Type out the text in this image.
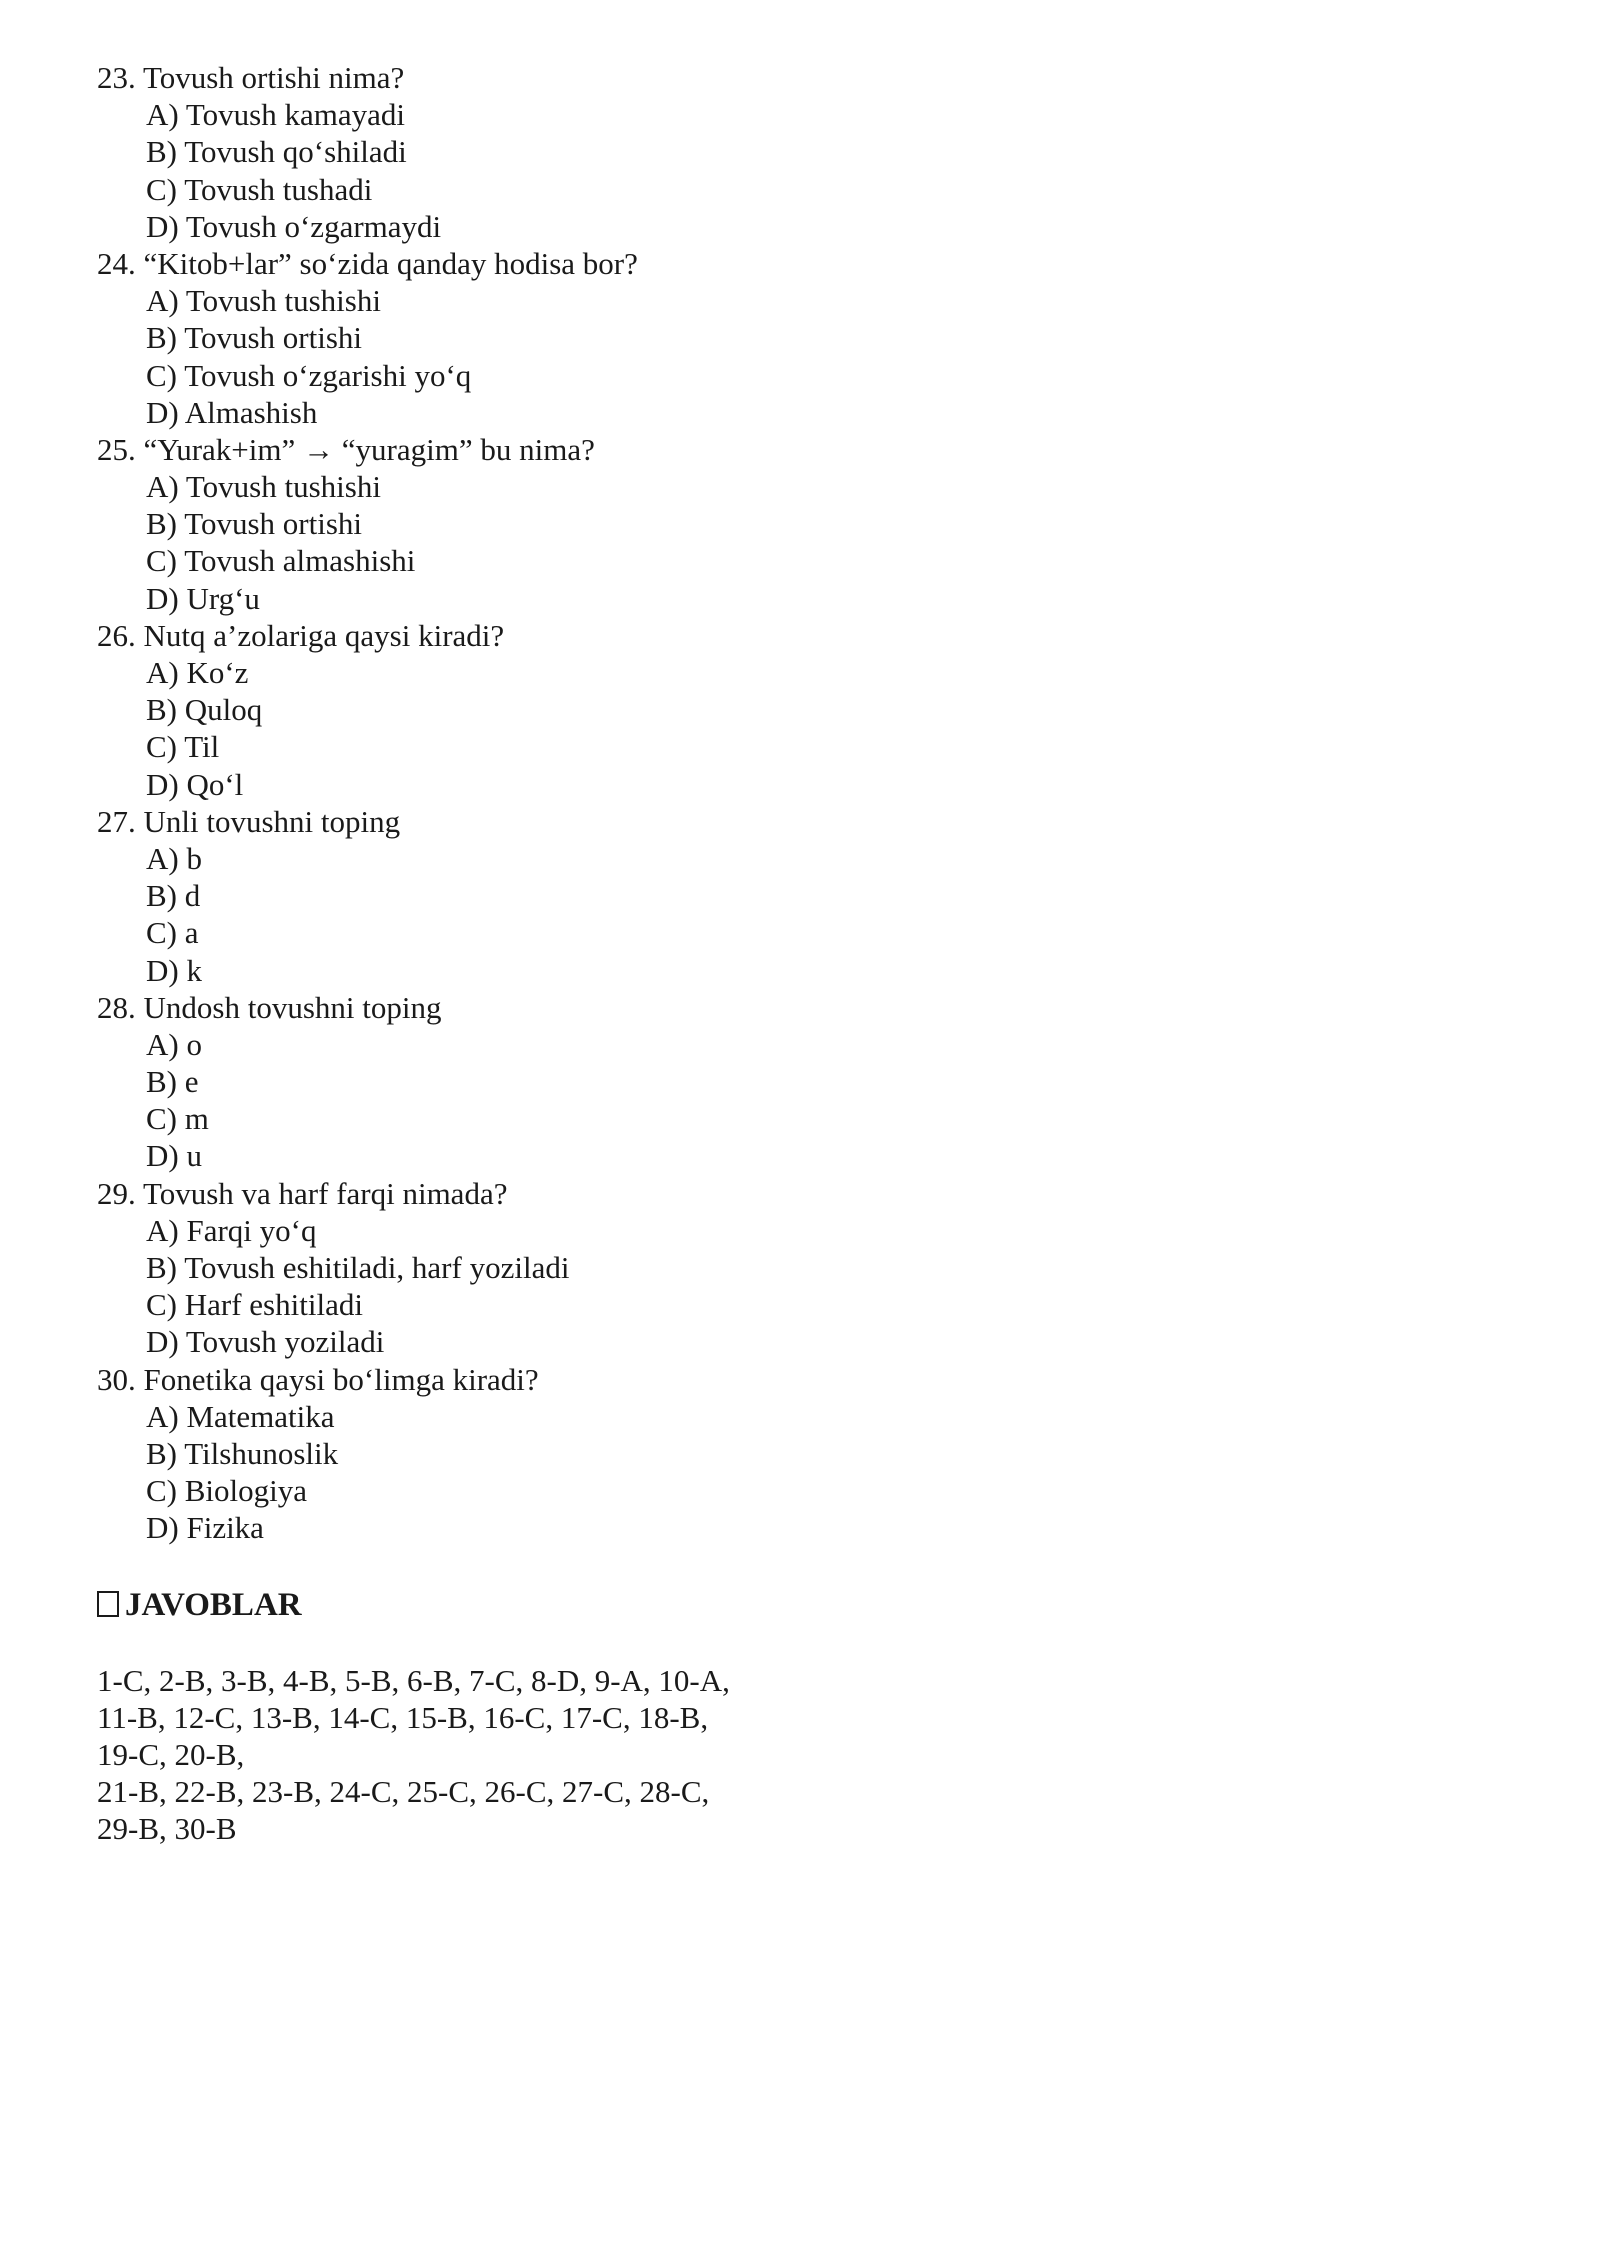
23. Tovush ortishi nima?
A) Tovush kamayadi
B) Tovush qo‘shiladi
C) Tovush tushadi
D) Tovush o‘zgarmaydi
24. “Kitob+lar” so‘zida qanday hodisa bor?
A) Tovush tushishi
B) Tovush ortishi
C) Tovush o‘zgarishi yo‘q
D) Almashish
25. “Yurak+im” → “yuragim” bu nima?
A) Tovush tushishi
B) Tovush ortishi
C) Tovush almashishi
D) Urg‘u
26. Nutq a’zolariga qaysi kiradi?
A) Ko‘z
B) Quloq
C) Til
D) Qo‘l
27. Unli tovushni toping
A) b
B) d
C) a
D) k
28. Undosh tovushni toping
A) o
B) e
C) m
D) u
29. Tovush va harf farqi nimada?
A) Farqi yo‘q
B) Tovush eshitiladi, harf yoziladi
C) Harf eshitiladi
D) Tovush yoziladi
30. Fonetika qaysi bo‘limga kiradi?
A) Matematika
B) Tilshunoslik
C) Biologiya
D) Fizika
JAVOBLAR
1-C, 2-B, 3-B, 4-B, 5-B, 6-B, 7-C, 8-D, 9-A, 10-A,
11-B, 12-C, 13-B, 14-C, 15-B, 16-C, 17-C, 18-B,
19-C, 20-B,
21-B, 22-B, 23-B, 24-C, 25-C, 26-C, 27-C, 28-C,
29-B, 30-B
